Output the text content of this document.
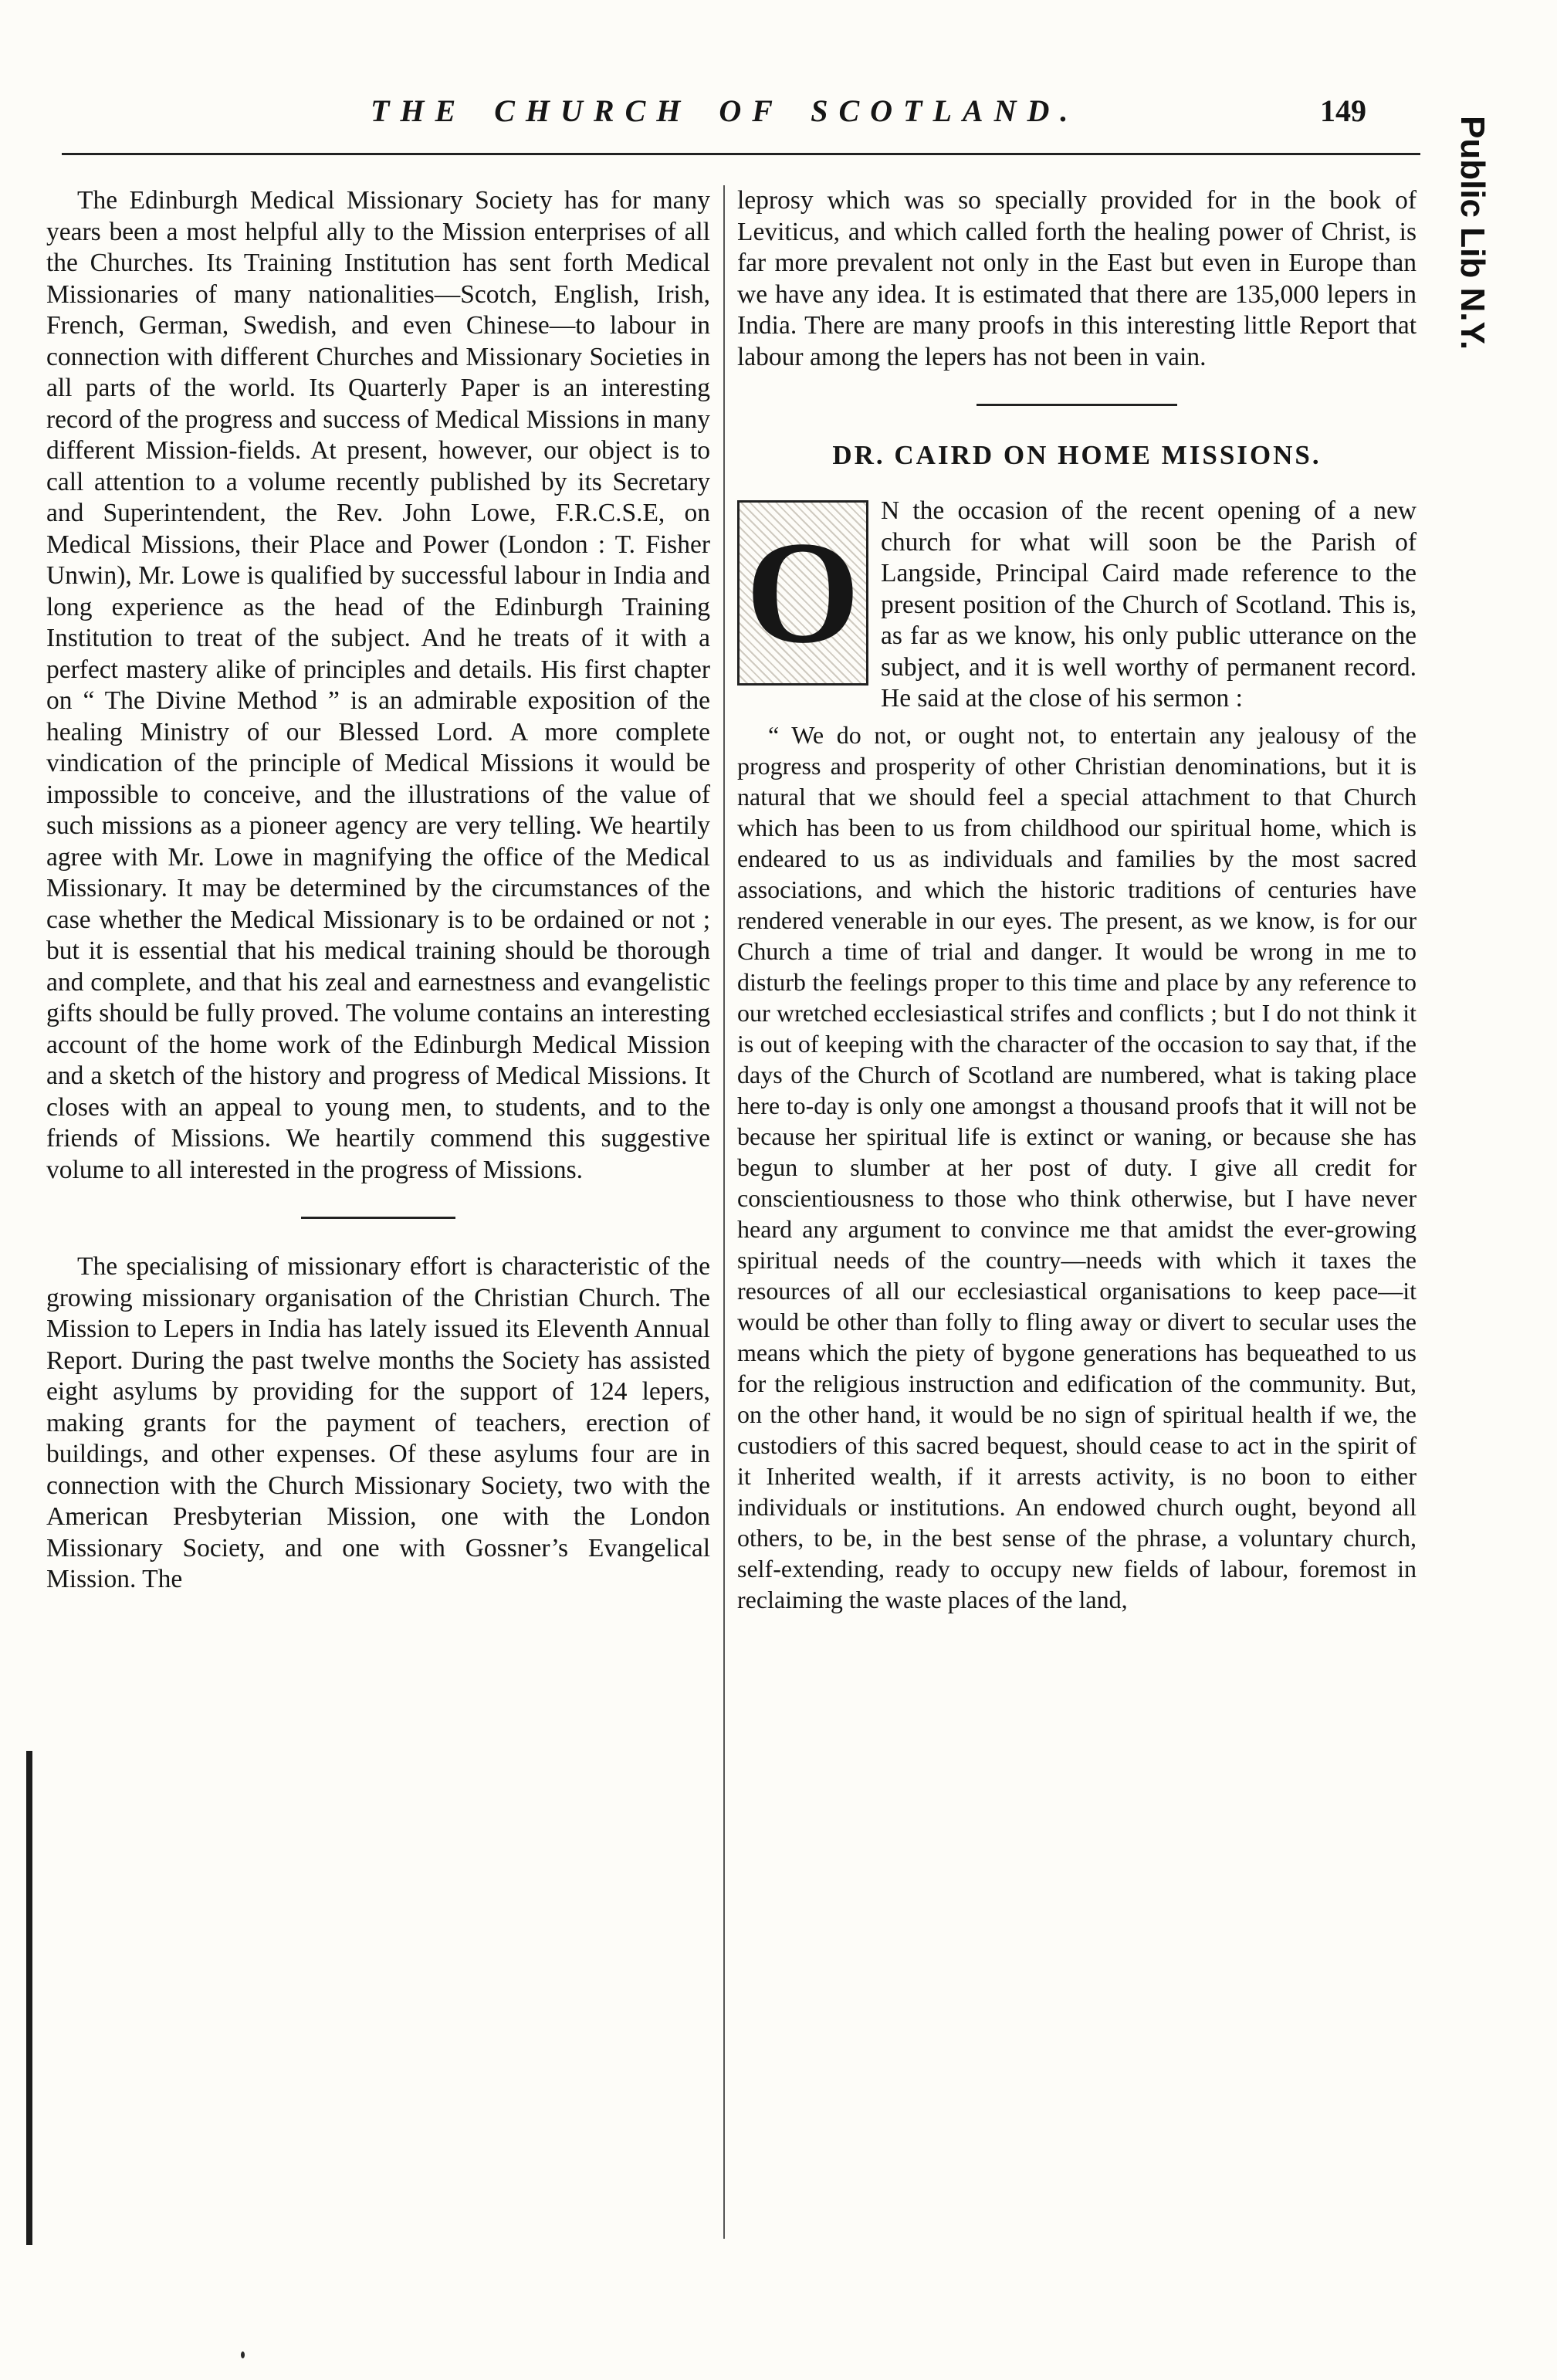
THE CHURCH OF SCOTLAND.	149
Public Lib N.Y.

The Edinburgh Medical Missionary Society has for many years been a most helpful ally to the Mission enterprises of all the Churches. Its Training Institution has sent forth Medical Missionaries of many nationalities—Scotch, English, Irish, French, German, Swedish, and even Chinese—to labour in connection with different Churches and Missionary Societies in all parts of the world. Its Quarterly Paper is an interesting record of the progress and success of Medical Missions in many different Mission-fields. At present, however, our object is to call attention to a volume recently published by its Secretary and Superintendent, the Rev. John Lowe, F.R.C.S.E, on Medical Missions, their Place and Power (London : T. Fisher Unwin), Mr. Lowe is qualified by successful labour in India and long experience as the head of the Edinburgh Training Institution to treat of the subject. And he treats of it with a perfect mastery alike of principles and details. His first chapter on “ The Divine Method ” is an admirable exposition of the healing Ministry of our Blessed Lord. A more complete vindication of the principle of Medical Missions it would be impossible to conceive, and the illustrations of the value of such missions as a pioneer agency are very telling. We heartily agree with Mr. Lowe in magnifying the office of the Medical Missionary. It may be determined by the circumstances of the case whether the Medical Missionary is to be ordained or not ; but it is essential that his medical training should be thorough and complete, and that his zeal and earnestness and evangelistic gifts should be fully proved. The volume contains an interesting account of the home work of the Edinburgh Medical Mission and a sketch of the history and progress of Medical Missions. It closes with an appeal to young men, to students, and to the friends of Missions. We heartily commend this suggestive volume to all interested in the progress of Missions.

The specialising of missionary effort is characteristic of the growing missionary organisation of the Christian Church. The Mission to Lepers in India has lately issued its Eleventh Annual Report. During the past twelve months the Society has assisted eight asylums by providing for the support of 124 lepers, making grants for the payment of teachers, erection of buildings, and other expenses. Of these asylums four are in connection with the Church Missionary Society, two with the American Presbyterian Mission, one with the London Missionary Society, and one with Gossner’s Evangelical Mission. The

leprosy which was so specially provided for in the book of Leviticus, and which called forth the healing power of Christ, is far more prevalent not only in the East but even in Europe than we have any idea. It is estimated that there are 135,000 lepers in India. There are many proofs in this interesting little Report that labour among the lepers has not been in vain.

DR. CAIRD ON HOME MISSIONS.
O

N the occasion of the recent opening of a new church for what will soon be the Parish of Langside, Principal Caird made reference to the present position of the Church of Scotland. This is, as far as we know, his only public utterance on the subject, and it is well worthy of permanent record. He said at the close of his sermon :

“ We do not, or ought not, to entertain any jealousy of the progress and prosperity of other Christian denominations, but it is natural that we should feel a special attachment to that Church which has been to us from childhood our spiritual home, which is endeared to us as individuals and families by the most sacred associations, and which the historic traditions of centuries have rendered venerable in our eyes. The present, as we know, is for our Church a time of trial and danger. It would be wrong in me to disturb the feelings proper to this time and place by any reference to our wretched ecclesiastical strifes and conflicts ; but I do not think it is out of keeping with the character of the occasion to say that, if the days of the Church of Scotland are numbered, what is taking place here to-day is only one amongst a thousand proofs that it will not be because her spiritual life is extinct or waning, or because she has begun to slumber at her post of duty. I give all credit for conscientiousness to those who think otherwise, but I have never heard any argument to convince me that amidst the ever-growing spiritual needs of the country—needs with which it taxes the resources of all our ecclesiastical organisations to keep pace—it would be other than folly to fling away or divert to secular uses the means which the piety of bygone generations has bequeathed to us for the religious instruction and edification of the community. But, on the other hand, it would be no sign of spiritual health if we, the custodiers of this sacred bequest, should cease to act in the spirit of it Inherited wealth, if it arrests activity, is no boon to either individuals or institutions. An endowed church ought, beyond all others, to be, in the best sense of the phrase, a voluntary church, self-extending, ready to occupy new fields of labour, foremost in reclaiming the waste places of the land,
